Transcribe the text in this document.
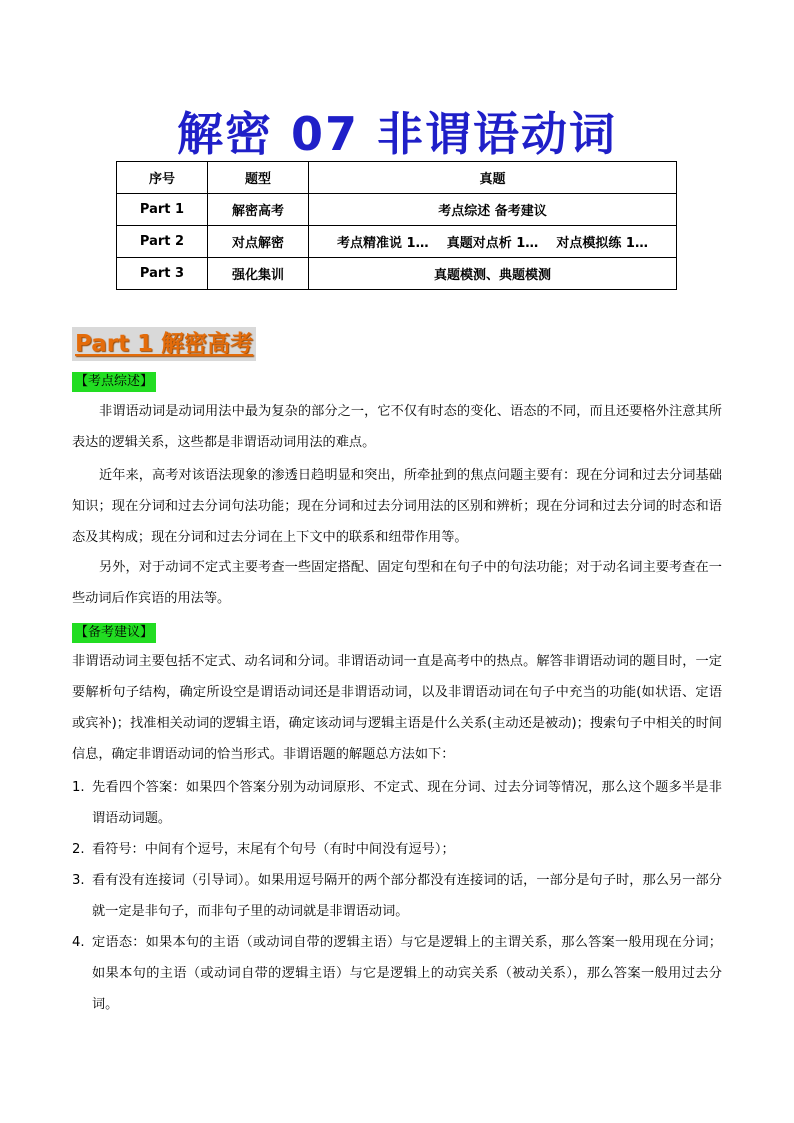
解密 07 非谓语动词
序号	题型	真题
Part 1	解密高考	考点综述 备考建议
Part 2	对点解密	考点精准说 1…    真题对点析 1…    对点模拟练 1…
Part 3	强化集训	真题模测、典题模测
Part 1 解密高考
【考点综述】
非谓语动词是动词用法中最为复杂的部分之一，它不仅有时态的变化、语态的不同，而且还要格外注意其所表达的逻辑关系，这些都是非谓语动词用法的难点。
近年来，高考对该语法现象的渗透日趋明显和突出，所牵扯到的焦点问题主要有：现在分词和过去分词基础知识；现在分词和过去分词句法功能；现在分词和过去分词用法的区别和辨析；现在分词和过去分词的时态和语态及其构成；现在分词和过去分词在上下文中的联系和纽带作用等。
另外，对于动词不定式主要考查一些固定搭配、固定句型和在句子中的句法功能；对于动名词主要考查在一些动词后作宾语的用法等。
【备考建议】
非谓语动词主要包括不定式、动名词和分词。非谓语动词一直是高考中的热点。解答非谓语动词的题目时，一定要解析句子结构，确定所设空是谓语动词还是非谓语动词，以及非谓语动词在句子中充当的功能(如状语、定语或宾补)；找准相关动词的逻辑主语，确定该动词与逻辑主语是什么关系(主动还是被动)；搜索句子中相关的时间信息，确定非谓语动词的恰当形式。非谓语题的解题总方法如下：
1. 先看四个答案：如果四个答案分别为动词原形、不定式、现在分词、过去分词等情况，那么这个题多半是非谓语动词题。
2. 看符号：中间有个逗号，末尾有个句号（有时中间没有逗号）；
3. 看有没有连接词（引导词）。如果用逗号隔开的两个部分都没有连接词的话，一部分是句子时，那么另一部分就一定是非句子，而非句子里的动词就是非谓语动词。
4. 定语态：如果本句的主语（或动词自带的逻辑主语）与它是逻辑上的主谓关系，那么答案一般用现在分词；如果本句的主语（或动词自带的逻辑主语）与它是逻辑上的动宾关系（被动关系），那么答案一般用过去分词。
